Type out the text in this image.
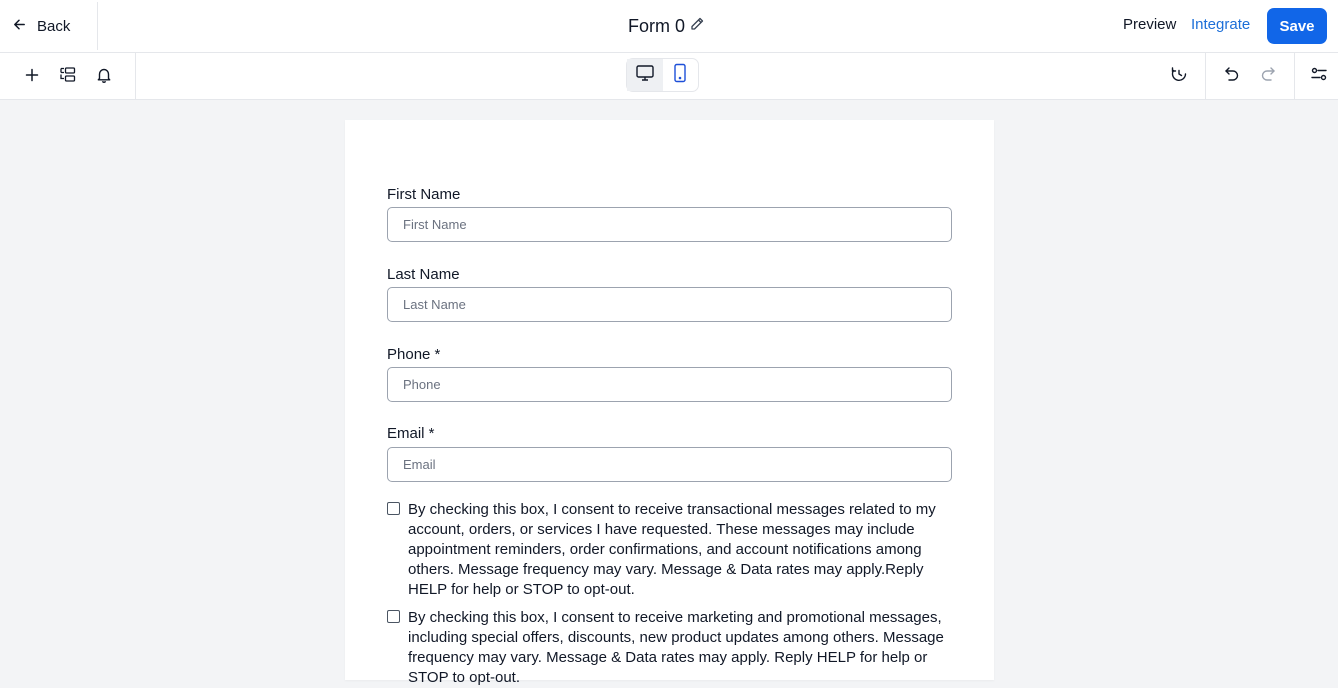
Back	Form 0	Preview Integrate	Save
First Name
First Name
Last Name
Last Name
Phone *
Phone
Email *
Email
By checking this box, I consent to receive transactional messages related to my account, orders, or services I have requested. These messages may include appointment reminders, order confirmations, and account notifications among others. Message frequency may vary. Message & Data rates may apply.Reply HELP for help or STOP to opt-out.
By checking this box, I consent to receive marketing and promotional messages, including special offers, discounts, new product updates among others. Message frequency may vary. Message & Data rates may apply. Reply HELP for help or STOP to opt-out.
